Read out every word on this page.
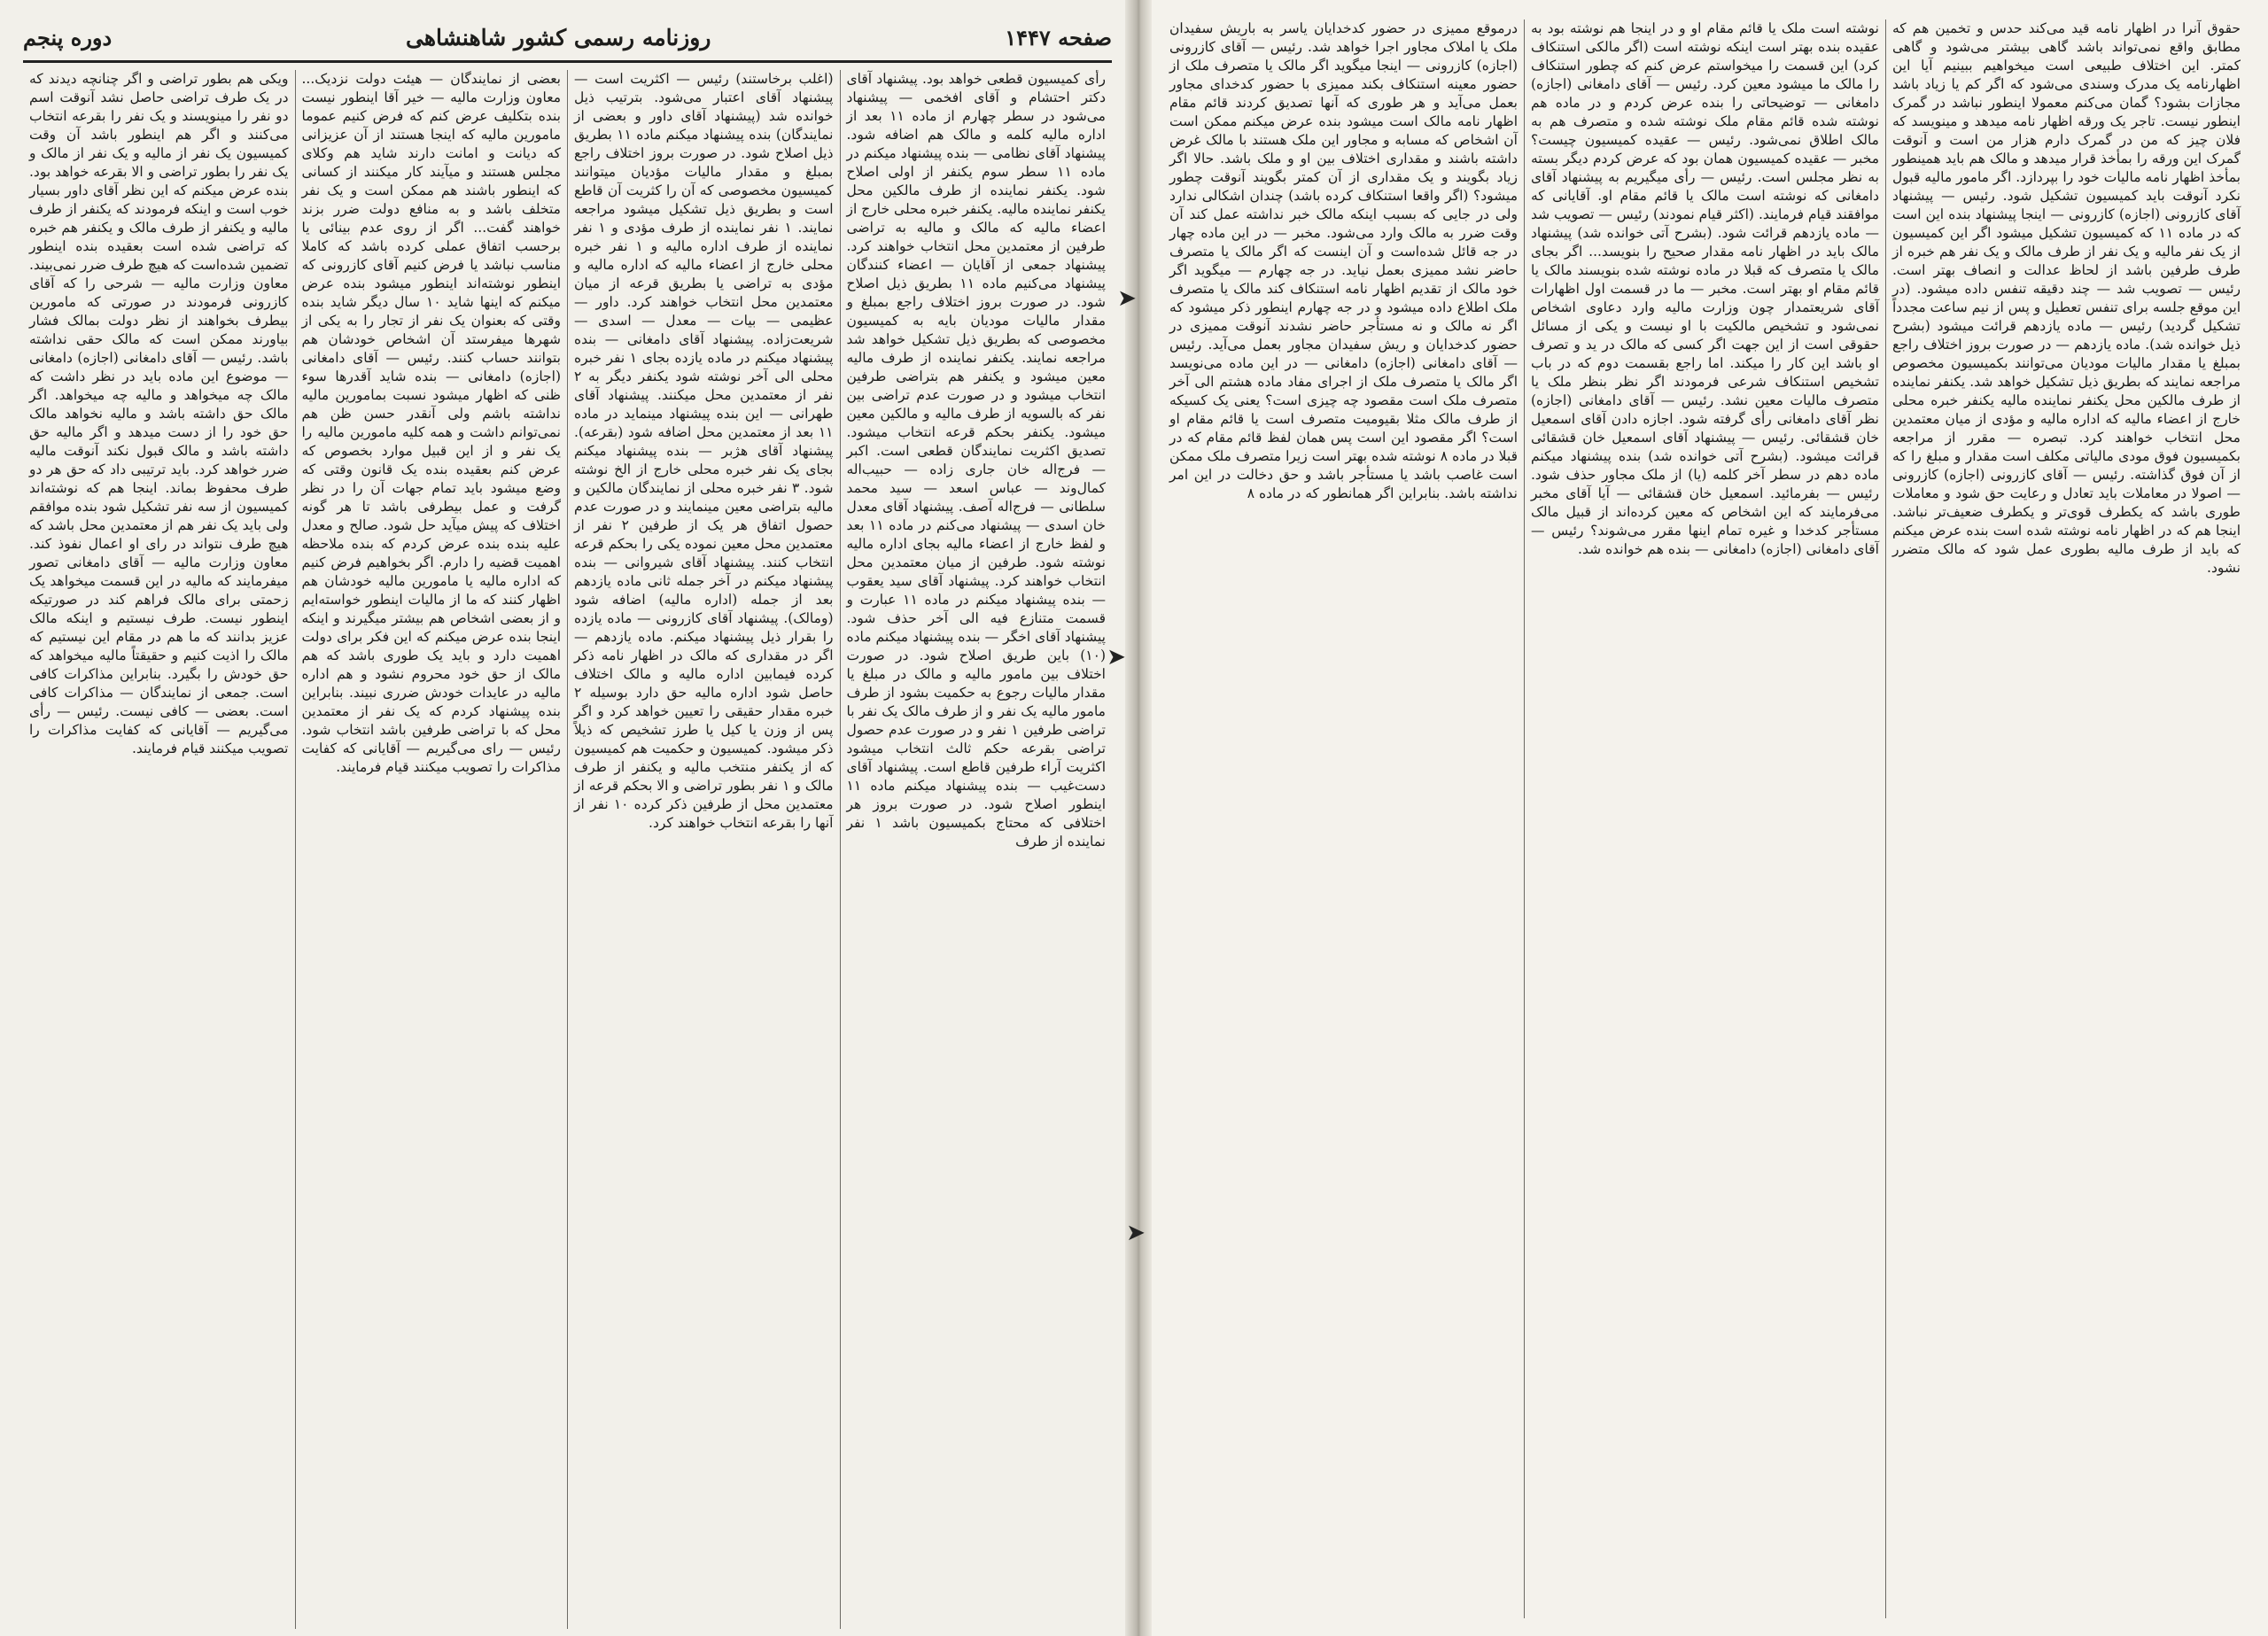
صفحه ۱۴۴۷
روزنامه رسمی کشور شاهنشاهی
دوره پنجم
رأی کمیسیون قطعی خواهد بود. پیشنهاد آقای دکتر احتشام و آقای افخمی — پیشنهاد می‌شود در سطر چهارم از ماده ۱۱ بعد از اداره مالیه کلمه و مالک هم اضافه شود. پیشنهاد آقای نظامی — بنده پیشنهاد میکنم در ماده ۱۱ سطر سوم یکنفر از اولی اصلاح شود. یکنفر نماینده از طرف مالکین محل یکنفر نماینده مالیه. یکنفر خبره محلی خارج از اعضاء مالیه که مالک و مالیه به تراضی طرفین از معتمدین محل انتخاب خواهند کرد. پیشنهاد جمعی از آقایان — اعضاء کنندگان پیشنهاد می‌کنیم ماده ۱۱ بطریق ذیل اصلاح شود. در صورت بروز اختلاف راجع بمبلغ و مقدار مالیات مودیان بایه به کمیسیون مخصوصی که بطریق ذیل تشکیل خواهد شد مراجعه نمایند. یکنفر نماینده از طرف مالیه معین میشود و یکنفر هم بتراضی طرفین انتخاب میشود و در صورت عدم تراضی بین نفر که بالسویه از طرف مالیه و مالکین معین میشود. یکنفر بحکم قرعه انتخاب میشود. تصدیق اکثریت نمایندگان قطعی است. اکبر — فرج‌اله خان جاری زاده — حبیب‌اله کمال‌وند — عباس اسعد — سید محمد سلطانی — فرج‌اله آصف. پیشنهاد آقای معدل خان اسدی — پیشنهاد می‌کنم در ماده ۱۱ بعد و لفظ خارج از اعضاء مالیه بجای اداره مالیه نوشته شود. طرفین از میان معتمدین محل انتخاب خواهند کرد. پیشنهاد آقای سید یعقوب — بنده پیشنهاد میکنم در ماده ۱۱ عبارت و قسمت متنازع فیه الی آخر حذف شود. پیشنهاد آقای اخگر — بنده پیشنهاد میکنم ماده (۱۰) باین طریق اصلاح شود. در صورت اختلاف بین مامور مالیه و مالک در مبلغ یا مقدار مالیات رجوع به حکمیت بشود از طرف مامور مالیه یک نفر و از طرف مالک یک نفر با تراضی طرفین ۱ نفر و در صورت عدم حصول تراضی بقرعه حکم ثالث انتخاب میشود اکثریت آراء طرفین قاطع است. پیشنهاد آقای دست‌غیب — بنده پیشنهاد میکنم ماده ۱۱ اینطور اصلاح شود. در صورت بروز هر اختلافی که محتاج بکمیسیون باشد ۱ نفر نماینده از طرف
(اغلب برخاستند) رئیس — اکثریت است — پیشنهاد آقای اعتبار می‌شود. بترتیب ذیل خوانده شد (پیشنهاد آقای داور و بعضی از نمایندگان) بنده پیشنهاد میکنم ماده ۱۱ بطریق ذیل اصلاح شود. در صورت بروز اختلاف راجع بمبلغ و مقدار مالیات مؤدیان میتوانند کمیسیون مخصوصی که آن را کثریت آن قاطع است و بطریق ذیل تشکیل میشود مراجعه نمایند. ۱ نفر نماینده از طرف مؤدی و ۱ نفر نماینده از طرف اداره مالیه و ۱ نفر خبره محلی خارج از اعضاء مالیه که اداره مالیه و مؤدی به تراضی یا بطریق قرعه از میان معتمدین محل انتخاب خواهند کرد. داور — عظیمی — بیات — معدل — اسدی — شریعت‌زاده. پیشنهاد آقای دامغانی — بنده پیشنهاد میکنم در ماده یازده بجای ۱ نفر خبره محلی الی آخر نوشته شود یکنفر دیگر به ۲ نفر از معتمدین محل میکنند. پیشنهاد آقای طهرانی — این بنده پیشنهاد مینماید در ماده ۱۱ بعد از معتمدین محل اضافه شود (بقرعه). پیشنهاد آقای هژبر — بنده پیشنهاد میکنم بجای یک نفر خبره محلی خارج از الخ نوشته شود. ۳ نفر خبره محلی از نمایندگان مالکین و مالیه بتراضی معین مینمایند و در صورت عدم حصول اتفاق هر یک از طرفین ۲ نفر از معتمدین محل معین نموده یکی را بحکم قرعه انتخاب کنند. پیشنهاد آقای شیروانی — بنده پیشنهاد میکنم در آخر جمله ثانی ماده یازدهم بعد از جمله (اداره مالیه) اضافه شود (ومالک). پیشنهاد آقای کازرونی — ماده یازده را بقرار ذیل پیشنهاد میکنم. ماده یازدهم — اگر در مقداری که مالک در اظهار نامه ذکر کرده فیمابین اداره مالیه و مالک اختلاف حاصل شود اداره مالیه حق دارد بوسیله ۲ خبره مقدار حقیقی را تعیین خواهد کرد و اگر پس از وزن یا کیل یا طرز تشخیص که ذیلاً ذکر میشود. کمیسیون و حکمیت هم کمیسیون که از یکنفر منتخب مالیه و یکنفر از طرف مالک و ۱ نفر بطور تراضی و الا بحکم قرعه از معتمدین محل از طرفین ذکر کرده ۱۰ نفر از آنها را بقرعه انتخاب خواهند کرد.
بعضی از نمایندگان — هیئت دولت نزدیک... معاون وزارت مالیه — خیر آقا اینطور نیست بنده بتکلیف عرض کنم که فرض کنیم عموما مامورین مالیه که اینجا هستند از آن عزیزانی که دیانت و امانت دارند شاید هم وکلای مجلس هستند و میآیند کار میکنند از کسانی که اینطور باشند هم ممکن است و یک نفر متخلف باشد و به منافع دولت ضرر بزند خواهند گفت... اگر از روی عدم بینائی یا برحسب اتفاق عملی کرده باشد که کاملا مناسب نباشد یا فرض کنیم آقای کازرونی که اینطور نوشته‌اند اینطور میشود بنده عرض میکنم که اینها شاید ۱۰ سال دیگر شاید بنده وقتی که بعنوان یک نفر از تجار را به یکی از شهرها میفرستد آن اشخاص خودشان هم بتوانند حساب کنند. رئیس — آقای دامغانی (اجازه) دامغانی — بنده شاید آقدرها سوء ظنی که اظهار میشود نسبت بمامورین مالیه نداشته باشم ولی آنقدر حسن ظن هم نمی‌توانم داشت و همه کلیه مامورین مالیه را یک نفر و از این قبیل موارد بخصوص که عرض کنم بعقیده بنده یک قانون وقتی که وضع میشود باید تمام جهات آن را در نظر گرفت و عمل بیطرفی باشد تا هر گونه اختلاف که پیش میآید حل شود. صالح و معدل علیه بنده بنده عرض کردم که بنده ملاحظه اهمیت قضیه را دارم. اگر بخواهیم فرض کنیم که اداره مالیه یا مامورین مالیه خودشان هم اظهار کنند که ما از مالیات اینطور خواسته‌ایم و از بعضی اشخاص هم بیشتر میگیرند و اینکه اینجا بنده عرض میکنم که این فکر برای دولت اهمیت دارد و باید یک طوری باشد که هم مالک از حق خود محروم نشود و هم اداره مالیه در عایدات خودش ضرری نبیند. بنابراین بنده پیشنهاد کردم که یک نفر از معتمدین محل که با تراضی طرفین باشد انتخاب شود. رئیس — رای می‌گیریم — آقایانی که کفایت مذاکرات را تصویب میکنند قیام فرمایند.
ویکی هم بطور تراضی و اگر چنانچه دیدند که در یک طرف تراضی حاصل نشد آنوقت اسم دو نفر را مینویسند و یک نفر را بقرعه انتخاب می‌کنند و اگر هم اینطور باشد آن وقت کمیسیون یک نفر از مالیه و یک نفر از مالک و یک نفر را بطور تراضی و الا بقرعه خواهد بود. بنده عرض میکنم که این نظر آقای داور بسیار خوب است و اینکه فرمودند که یکنفر از طرف مالیه و یکنفر از طرف مالک و یکنفر هم خبره که تراضی شده است بعقیده بنده اینطور تضمین شده‌است که هیچ طرف ضرر نمی‌بیند. معاون وزارت مالیه — شرحی را که آقای کازرونی فرمودند در صورتی که مامورین بیطرف بخواهند از نظر دولت بمالک فشار بیاورند ممکن است که مالک حقی نداشته باشد. رئیس — آقای دامغانی (اجازه) دامغانی — موضوع این ماده باید در نظر داشت که مالک چه میخواهد و مالیه چه میخواهد. اگر مالک حق داشته باشد و مالیه نخواهد مالک حق خود را از دست میدهد و اگر مالیه حق داشته باشد و مالک قبول نکند آنوقت مالیه ضرر خواهد کرد. باید ترتیبی داد که حق هر دو طرف محفوظ بماند. اینجا هم که نوشته‌اند کمیسیون از سه نفر تشکیل شود بنده موافقم ولی باید یک نفر هم از معتمدین محل باشد که هیچ طرف نتواند در رای او اعمال نفوذ کند. معاون وزارت مالیه — آقای دامغانی تصور میفرمایند که مالیه در این قسمت میخواهد یک زحمتی برای مالک فراهم کند در صورتیکه اینطور نیست. طرف نیستیم و اینکه مالک عزیز بدانند که ما هم در مقام این نیستیم که مالک را اذیت کنیم و حقیقتاً مالیه میخواهد که حق خودش را بگیرد. بنابراین مذاکرات کافی است. جمعی از نمایندگان — مذاکرات کافی است. بعضی — کافی نیست. رئیس — رأی می‌گیریم — آقایانی که کفایت مذاکرات را تصویب میکنند قیام فرمایند.
حقوق آنرا در اظهار نامه قید می‌کند حدس و تخمین هم که مطابق واقع نمی‌تواند باشد گاهی بیشتر می‌شود و گاهی کمتر. این اختلاف طبیعی است میخواهیم ببینیم آیا این اظهارنامه یک مدرک وسندی می‌شود که اگر کم یا زیاد باشد مجازات بشود؟ گمان می‌کنم معمولا اینطور نباشد در گمرک اینطور نیست. تاجر یک ورقه اظهار نامه میدهد و مینویسد که فلان چیز که من در گمرک دارم هزار من است و آنوقت گمرک این ورقه را بمأخذ قرار میدهد و مالک هم باید همینطور بمأخذ اظهار نامه مالیات خود را بپردازد. اگر مامور مالیه قبول نکرد آنوقت باید کمیسیون تشکیل شود. رئیس — پیشنهاد آقای کازرونی (اجازه) کازرونی — اینجا پیشنهاد بنده این است که در ماده ۱۱ که کمیسیون تشکیل میشود اگر این کمیسیون از یک نفر مالیه و یک نفر از طرف مالک و یک نفر هم خبره از طرف طرفین باشد از لحاظ عدالت و انصاف بهتر است. رئیس — تصویب شد — چند دقیقه تنفس داده میشود. (در این موقع جلسه برای تنفس تعطیل و پس از نیم ساعت مجدداً تشکیل گردید) رئیس — ماده یازدهم قرائت میشود (بشرح ذیل خوانده شد). ماده یازدهم — در صورت بروز اختلاف راجع بمبلغ یا مقدار مالیات مودیان می‌توانند بکمیسیون مخصوص مراجعه نمایند که بطریق ذیل تشکیل خواهد شد. یکنفر نماینده از طرف مالکین محل یکنفر نماینده مالیه یکنفر خبره محلی خارج از اعضاء مالیه که اداره مالیه و مؤدی از میان معتمدین محل انتخاب خواهند کرد. تبصره — مقرر از مراجعه بکمیسیون فوق مودی مالیاتی مکلف است مقدار و مبلغ را که از آن فوق گذاشته. رئیس — آقای کازرونی (اجازه) کازرونی — اصولا در معاملات باید تعادل و رعایت حق شود و معاملات طوری باشد که یکطرف قوی‌تر و یکطرف ضعیف‌تر نباشد. اینجا هم که در اظهار نامه نوشته شده است بنده عرض میکنم که باید از طرف مالیه بطوری عمل شود که مالک متضرر نشود.
نوشته است ملک یا قائم مقام او و در اینجا هم نوشته بود به عقیده بنده بهتر است اینکه نوشته است (اگر مالکی استنکاف کرد) این قسمت را میخواستم عرض کنم که چطور استنکاف را مالک ما میشود معین کرد. رئیس — آقای دامغانی (اجازه) دامغانی — توضیحاتی را بنده عرض کردم و در ماده هم نوشته شده قائم مقام ملک نوشته شده و متصرف هم به مالک اطلاق نمی‌شود. رئیس — عقیده کمیسیون چیست؟ مخبر — عقیده کمیسیون همان بود که عرض کردم دیگر بسته به نظر مجلس است. رئیس — رأی میگیریم به پیشنهاد آقای دامغانی که نوشته است مالک یا قائم مقام او. آقایانی که موافقند قیام فرمایند. (اکثر قیام نمودند) رئیس — تصویب شد — ماده یازدهم قرائت شود. (بشرح آتی خوانده شد) پیشنهاد مالک باید در اظهار نامه مقدار صحیح را بنویسد... اگر بجای مالک یا متصرف که قبلا در ماده نوشته شده بنویسند مالک یا قائم مقام او بهتر است. مخبر — ما در قسمت اول اظهارات آقای شریعتمدار چون وزارت مالیه وارد دعاوی اشخاص نمی‌شود و تشخیص مالکیت با او نیست و یکی از مسائل حقوقی است از این جهت اگر کسی که مالک در ید و تصرف او باشد این کار را میکند. اما راجع بقسمت دوم که در باب تشخیص استنکاف شرعی فرمودند اگر نظر بنظر ملک یا متصرف مالیات معین نشد. رئیس — آقای دامغانی (اجازه) نظر آقای دامغانی رأی گرفته شود. اجازه دادن آقای اسمعیل خان قشقائی. رئیس — پیشنهاد آقای اسمعیل خان قشقائی قرائت میشود. (بشرح آتی خوانده شد) بنده پیشنهاد میکنم ماده دهم در سطر آخر کلمه (یا) از ملک مجاور حذف شود. رئیس — بفرمائید. اسمعیل خان قشقائی — آیا آقای مخبر می‌فرمایند که این اشخاص که معین کرده‌اند از قبیل مالک مستأجر کدخدا و غیره تمام اینها مقرر می‌شوند؟ رئیس — آقای دامغانی (اجازه) دامغانی — بنده هم خوانده شد.
درموقع ممیزی در حضور کدخدایان یاسر به باریش سفیدان ملک یا املاک مجاور اجرا خواهد شد. رئیس — آقای کازرونی (اجازه) کازرونی — اینجا میگوید اگر مالک یا متصرف ملک از حضور معینه استنکاف بکند ممیزی با حضور کدخدای مجاور بعمل می‌آید و هر طوری که آنها تصدیق کردند قائم مقام اظهار نامه مالک است میشود بنده عرض میکنم ممکن است آن اشخاص که مسابه و مجاور این ملک هستند با مالک غرض داشته باشند و مقداری اختلاف بین او و ملک باشد. حالا اگر زیاد بگویند و یک مقداری از آن کمتر بگویند آنوقت چطور میشود؟ (اگر واقعا استنکاف کرده باشد) چندان اشکالی ندارد ولی در جایی که بسبب اینکه مالک خبر نداشته عمل کند آن وقت ضرر به مالک وارد می‌شود. مخبر — در این ماده چهار در جه قائل شده‌است و آن اینست که اگر مالک یا متصرف حاضر نشد ممیزی بعمل نیاید. در جه چهارم — میگوید اگر خود مالک از تقدیم اظهار نامه استنکاف کند مالک یا متصرف ملک اطلاع داده میشود و در جه چهارم اینطور ذکر میشود که اگر نه مالک و نه مستأجر حاضر نشدند آنوقت ممیزی در حضور کدخدایان و ریش سفیدان مجاور بعمل می‌آید. رئیس — آقای دامغانی (اجازه) دامغانی — در این ماده می‌نویسد اگر مالک یا متصرف ملک از اجرای مفاد ماده هشتم الی آخر متصرف ملک است مقصود چه چیزی است؟ یعنی یک کسیکه از طرف مالک مثلا بقیومیت متصرف است یا قائم مقام او است؟ اگر مقصود این است پس همان لفظ قائم مقام که در قبلا در ماده ۸ نوشته شده بهتر است زیرا متصرف ملک ممکن است غاصب باشد یا مستأجر باشد و حق دخالت در این امر نداشته باشد. بنابراین اگر همانطور که در ماده ۸
➤
➤
➤
